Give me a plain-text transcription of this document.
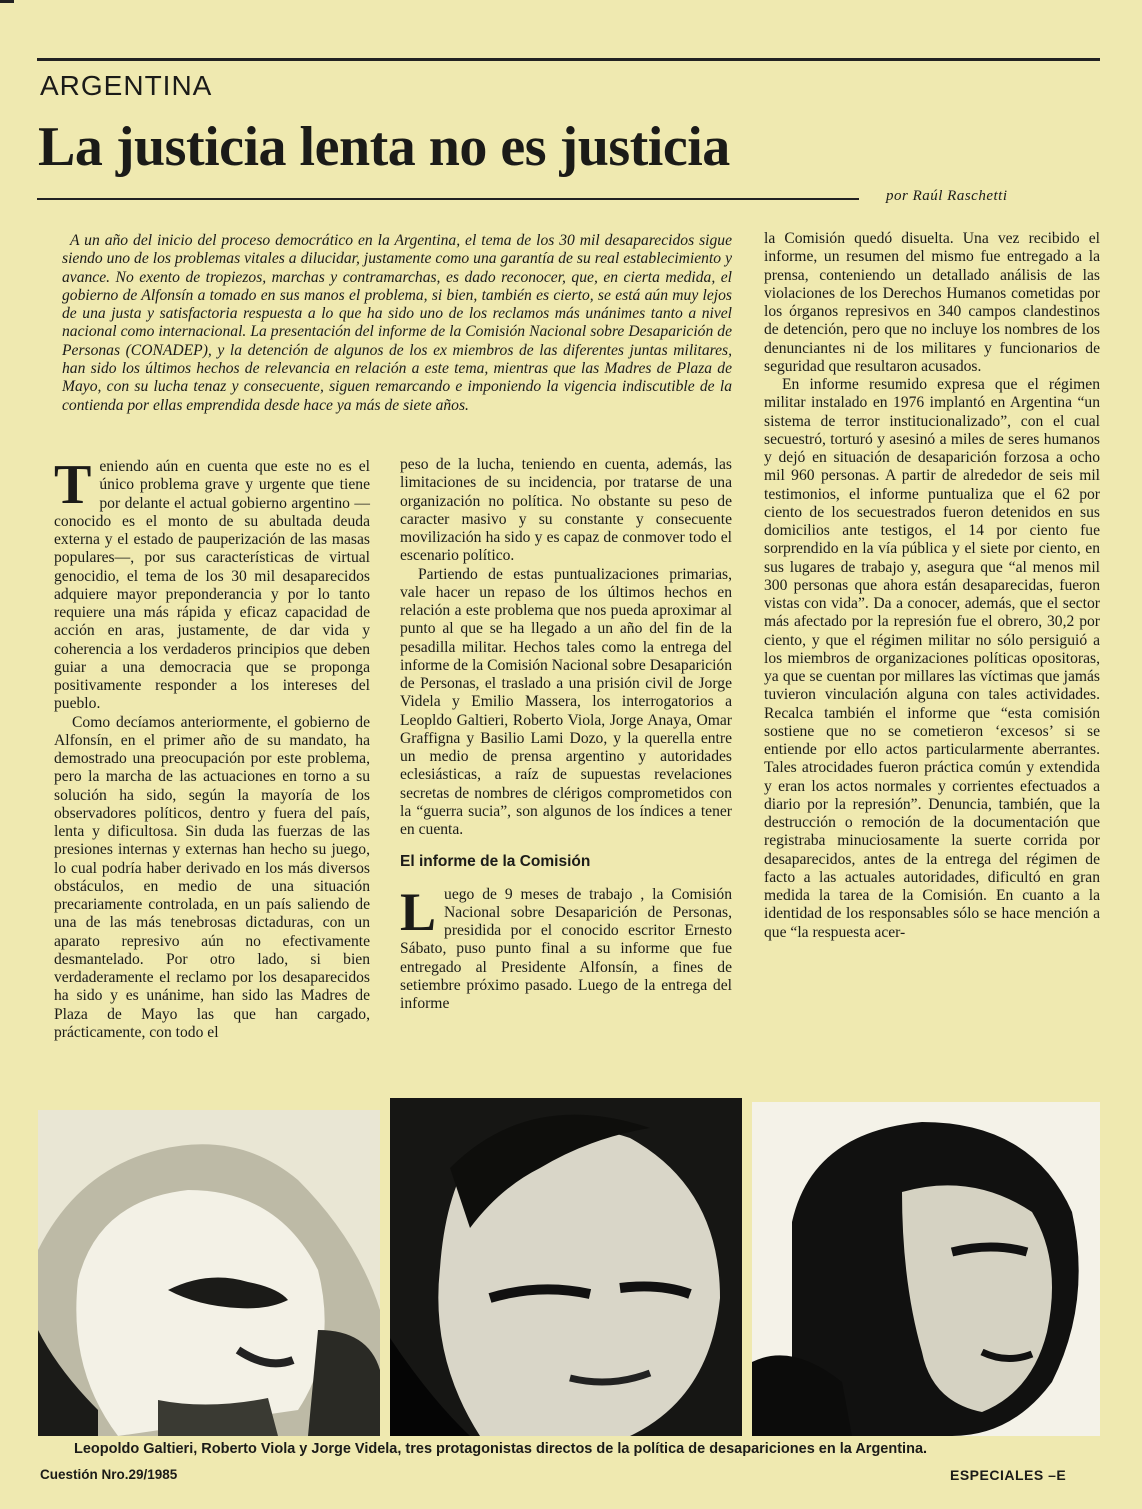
ARGENTINA
La justicia lenta no es justicia
por Raúl Raschetti

A un año del inicio del proceso democrático en la Argentina, el tema de los 30 mil desaparecidos sigue siendo uno de los problemas vitales a dilucidar, justamente como una garantía de su real establecimiento y avance. No exento de tropiezos, marchas y contramarchas, es dado reconocer, que, en cierta medida, el gobierno de Alfonsín a tomado en sus manos el problema, si bien, también es cierto, se está aún muy lejos de una justa y satisfactoria respuesta a lo que ha sido uno de los reclamos más unánimes tanto a nivel nacional como internacional. La presentación del informe de la Comisión Nacional sobre Desaparición de Personas (CONADEP), y la detención de algunos de los ex miembros de las diferentes juntas militares, han sido los últimos hechos de relevancia en relación a este tema, mientras que las Madres de Plaza de Mayo, con su lucha tenaz y consecuente, siguen remarcando e imponiendo la vigencia indiscutible de la contienda por ellas emprendida desde hace ya más de siete años.

Teniendo aún en cuenta que este no es el único problema grave y urgente que tiene por delante el actual gobierno argentino —conocido es el monto de su abultada deuda externa y el estado de pauperización de las masas populares—, por sus características de virtual genocidio, el tema de los 30 mil desaparecidos adquiere mayor preponderancia y por lo tanto requiere una más rápida y eficaz capacidad de acción en aras, justamente, de dar vida y coherencia a los verdaderos principios que deben guiar a una democracia que se proponga positivamente responder a los intereses del pueblo.

Como decíamos anteriormente, el gobierno de Alfonsín, en el primer año de su mandato, ha demostrado una preocupación por este problema, pero la marcha de las actuaciones en torno a su solución ha sido, según la mayoría de los observadores políticos, dentro y fuera del país, lenta y dificultosa. Sin duda las fuerzas de las presiones internas y externas han hecho su juego, lo cual podría haber derivado en los más diversos obstáculos, en medio de una situación precariamente controlada, en un país saliendo de una de las más tenebrosas dictaduras, con un aparato represivo aún no efectivamente desmantelado. Por otro lado, si bien verdaderamente el reclamo por los desaparecidos ha sido y es unánime, han sido las Madres de Plaza de Mayo las que han cargado, prácticamente, con todo el

peso de la lucha, teniendo en cuenta, además, las limitaciones de su incidencia, por tratarse de una organización no política. No obstante su peso de caracter masivo y su constante y consecuente movilización ha sido y es capaz de conmover todo el escenario político.

Partiendo de estas puntualizaciones primarias, vale hacer un repaso de los últimos hechos en relación a este problema que nos pueda aproximar al punto al que se ha llegado a un año del fin de la pesadilla militar. Hechos tales como la entrega del informe de la Comisión Nacional sobre Desaparición de Personas, el traslado a una prisión civil de Jorge Videla y Emilio Massera, los interrogatorios a Leopldo Galtieri, Roberto Viola, Jorge Anaya, Omar Graffigna y Basilio Lami Dozo, y la querella entre un medio de prensa argentino y autoridades eclesiásticas, a raíz de supuestas revelaciones secretas de nombres de clérigos comprometidos con la “guerra sucia”, son algunos de los índices a tener en cuenta.

El informe de la Comisión

Luego de 9 meses de trabajo , la Comisión Nacional sobre Desaparición de Personas, presidida por el conocido escritor Ernesto Sábato, puso punto final a su informe que fue entregado al Presidente Alfonsín, a fines de setiembre próximo pasado. Luego de la entrega del informe

la Comisión quedó disuelta. Una vez recibido el informe, un resumen del mismo fue entregado a la prensa, conteniendo un detallado análisis de las violaciones de los Derechos Humanos cometidas por los órganos represivos en 340 campos clandestinos de detención, pero que no incluye los nombres de los denunciantes ni de los militares y funcionarios de seguridad que resultaron acusados.

En informe resumido expresa que el régimen militar instalado en 1976 implantó en Argentina “un sistema de terror institucionalizado”, con el cual secuestró, torturó y asesinó a miles de seres humanos y dejó en situación de desaparición forzosa a ocho mil 960 personas. A partir de alrededor de seis mil testimonios, el informe puntualiza que el 62 por ciento de los secuestrados fueron detenidos en sus domicilios ante testigos, el 14 por ciento fue sorprendido en la vía pública y el siete por ciento, en sus lugares de trabajo y, asegura que “al menos mil 300 personas que ahora están desaparecidas, fueron vistas con vida”. Da a conocer, además, que el sector más afectado por la represión fue el obrero, 30,2 por ciento, y que el régimen militar no sólo persiguió a los miembros de organizaciones políticas opositoras, ya que se cuentan por millares las víctimas que jamás tuvieron vinculación alguna con tales actividades. Recalca también el informe que “esta comisión sostiene que no se cometieron ‘excesos’ si se entiende por ello actos particularmente aberrantes. Tales atrocidades fueron práctica común y extendida y eran los actos normales y corrientes efectuados a diario por la represión”. Denuncia, también, que la destrucción o remoción de la documentación que registraba minuciosamente la suerte corrida por desaparecidos, antes de la entrega del régimen de facto a las actuales autoridades, dificultó en gran medida la tarea de la Comisión. En cuanto a la identidad de los responsables sólo se hace mención a que “la respuesta acer-

Leopoldo Galtieri, Roberto Viola y Jorge Videla, tres protagonistas directos de la política de desapariciones en la Argentina.
Cuestión Nro.29/1985	ESPECIALES –E
